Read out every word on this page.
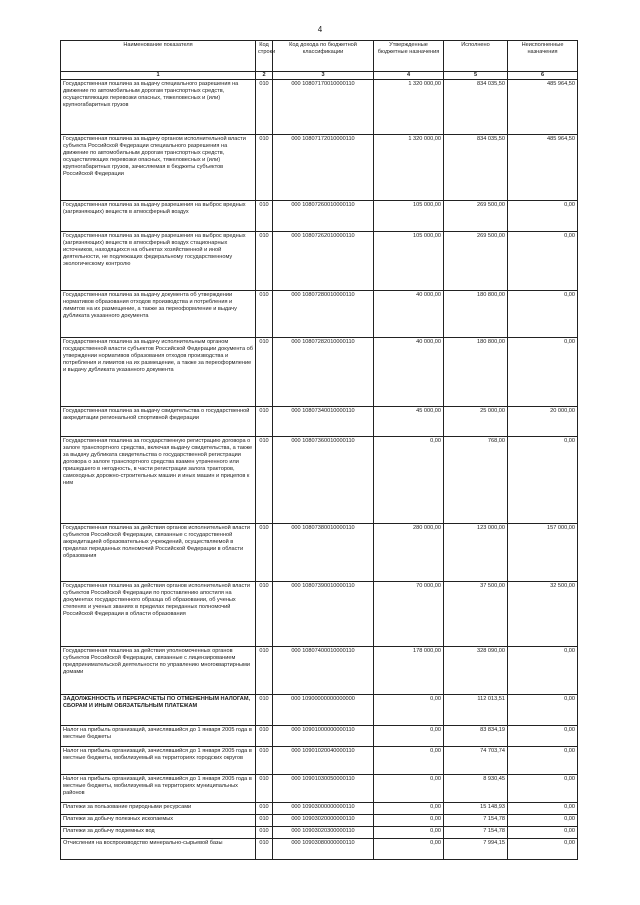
4
Наименование показателя	Код строки	Код дохода по бюджетной классификации	Утвержденные бюджетные назначения	Исполнено	Неисполненные назначения
1	2	3	4	5	6
Государственная пошлина за выдачу специального разрешения на движение по автомобильным дорогам транспортных средств, осуществляющих перевозки опасных, тяжеловесных и (или) крупногабаритных грузов	010	000 10807170010000110	1 320 000,00	834 035,50	485 964,50
Государственная пошлина за выдачу органом исполнительной власти субъекта Российской Федерации специального разрешения на движение по автомобильным дорогам транспортных средств, осуществляющих перевозки опасных, тяжеловесных и (или) крупногабаритных грузов, зачисляемая в бюджеты субъектов Российской Федерации	010	000 10807172010000110	1 320 000,00	834 035,50	485 964,50
Государственная пошлина за выдачу разрешения на выброс вредных (загрязняющих) веществ в атмосферный воздух	010	000 10807260010000110	105 000,00	269 500,00	0,00
Государственная пошлина за выдачу разрешения на выброс вредных (загрязняющих) веществ в атмосферный воздух стационарных источников, находящихся на объектах хозяйственной и иной деятельности, не подлежащих федеральному государственному экологическому контролю	010	000 10807262010000110	105 000,00	269 500,00	0,00
Государственная пошлина за выдачу документа об утверждении нормативов образования отходов производства и потребления и лимитов на их размещение, а также за переоформление и выдачу дубликата указанного документа	010	000 10807280010000110	40 000,00	180 800,00	0,00
Государственная пошлина за выдачу исполнительным органом государственной власти субъектов Российской Федерации документа об утверждении нормативов образования отходов производства и потребления и лимитов на их размещение, а также за переоформление и выдачу дубликата указанного документа	010	000 10807282010000110	40 000,00	180 800,00	0,00
Государственная пошлина за выдачу свидетельства о государственной аккредитации региональной спортивной федерации	010	000 10807340010000110	45 000,00	25 000,00	20 000,00
Государственная пошлина за государственную регистрацию договора о залоге транспортного средства, включая выдачу свидетельства, а также за выдачу дубликата свидетельства о государственной регистрации договора о залоге транспортного средства взамен утраченного или пришедшего в негодность, в части регистрации залога тракторов, самоходных дорожно-строительных машин и иных машин и прицепов к ним	010	000 10807360010000110	0,00	768,00	0,00
Государственная пошлина за действия органов исполнительной власти субъектов Российской Федерации, связанные с государственной аккредитацией образовательных учреждений, осуществляемой в пределах переданных полномочий Российской Федерации в области образования	010	000 10807380010000110	280 000,00	123 000,00	157 000,00
Государственная пошлина за действия органов исполнительной власти субъектов Российской Федерации по проставлению апостиля на документах государственного образца об образовании, об ученых степенях и ученых званиях в пределах переданных полномочий Российской Федерации в области образования	010	000 10807390010000110	70 000,00	37 500,00	32 500,00
Государственная пошлина за действия уполномоченных органов субъектов Российской Федерации, связанные с лицензированием предпринимательской деятельности по управлению многоквартирными домами	010	000 10807400010000110	178 000,00	328 090,00	0,00
ЗАДОЛЖЕННОСТЬ И ПЕРЕРАСЧЕТЫ ПО ОТМЕНЕННЫМ НАЛОГАМ, СБОРАМ И ИНЫМ ОБЯЗАТЕЛЬНЫМ ПЛАТЕЖАМ	010	000 10900000000000000	0,00	112 013,51	0,00
Налог на прибыль организаций, зачислявшийся до 1 января 2005 года в местные бюджеты	010	000 10901000000000110	0,00	83 834,19	0,00
Налог на прибыль организаций, зачислявшийся до 1 января 2005 года в местные бюджеты, мобилизуемый на территориях городских округов	010	000 10901020040000110	0,00	74 703,74	0,00
Налог на прибыль организаций, зачислявшийся до 1 января 2005 года в местные бюджеты, мобилизуемый на территориях муниципальных районов	010	000 10901030050000110	0,00	8 930,45	0,00
Платежи за пользование природными ресурсами	010	000 10903000000000110	0,00	15 148,93	0,00
Платежи за добычу полезных ископаемых	010	000 10903020000000110	0,00	7 154,78	0,00
Платежи за добычу подземных вод	010	000 10903020300000110	0,00	7 154,78	0,00
Отчисления на воспроизводство минерально-сырьевой базы	010	000 10903080000000110	0,00	7 994,15	0,00
